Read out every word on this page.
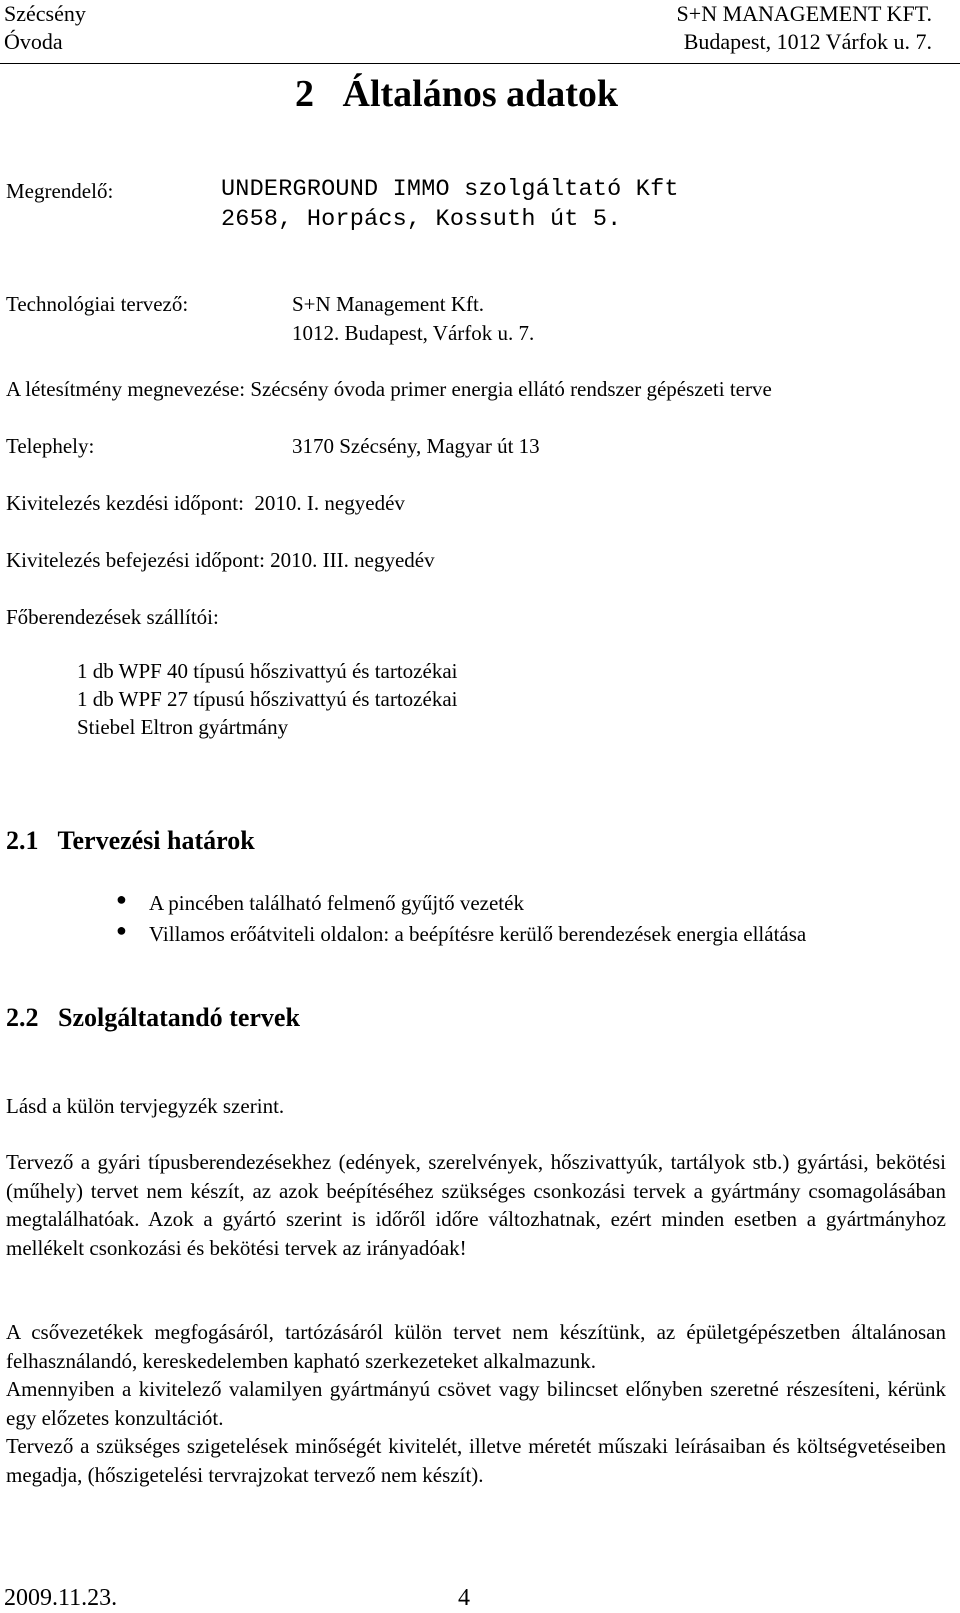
Szécsény
Óvoda
S+N MANAGEMENT KFT.
Budapest, 1012 Várfok u. 7.
2   Általános adatok
Megrendelő:	UNDERGROUND IMMO szolgáltató Kft
2658, Horpács, Kossuth út 5.
Technológiai tervező:	S+N Management Kft.
1012. Budapest, Várfok u. 7.
A létesítmény megnevezése: Szécsény óvoda primer energia ellátó rendszer gépészeti terve
Telephely:	3170 Szécsény, Magyar út 13
Kivitelezés kezdési időpont:  2010. I. negyedév
Kivitelezés befejezési időpont: 2010. III. negyedév
Főberendezések szállítói:
1 db WPF 40 típusú hőszivattyú és tartozékai
1 db WPF 27 típusú hőszivattyú és tartozékai
Stiebel Eltron gyártmány
2.1   Tervezési határok
● A pincében található felmenő gyűjtő vezeték
● Villamos erőátviteli oldalon: a beépítésre kerülő berendezések energia ellátása
2.2   Szolgáltatandó tervek
Lásd a külön tervjegyzék szerint.
Tervező a gyári típusberendezésekhez (edények, szerelvények, hőszivattyúk, tartályok stb.) gyártási, bekötési (műhely) tervet nem készít, az azok beépítéséhez szükséges csonkozási tervek a gyártmány csomagolásában megtalálhatóak. Azok a gyártó szerint is időről időre változhatnak, ezért minden esetben a gyártmányhoz mellékelt csonkozási és bekötési tervek az irányadóak!
A csővezetékek megfogásáról, tartózásáról külön tervet nem készítünk, az épületgépészetben általánosan felhasználandó, kereskedelemben kapható szerkezeteket alkalmazunk.
Amennyiben a kivitelező valamilyen gyártmányú csövet vagy bilincset előnyben szeretné részesíteni, kérünk egy előzetes konzultációt.
Tervező a szükséges szigetelések minőségét kivitelét, illetve méretét műszaki leírásaiban és költségvetéseiben megadja, (hőszigetelési tervrajzokat tervező nem készít).
2009.11.23.	4
